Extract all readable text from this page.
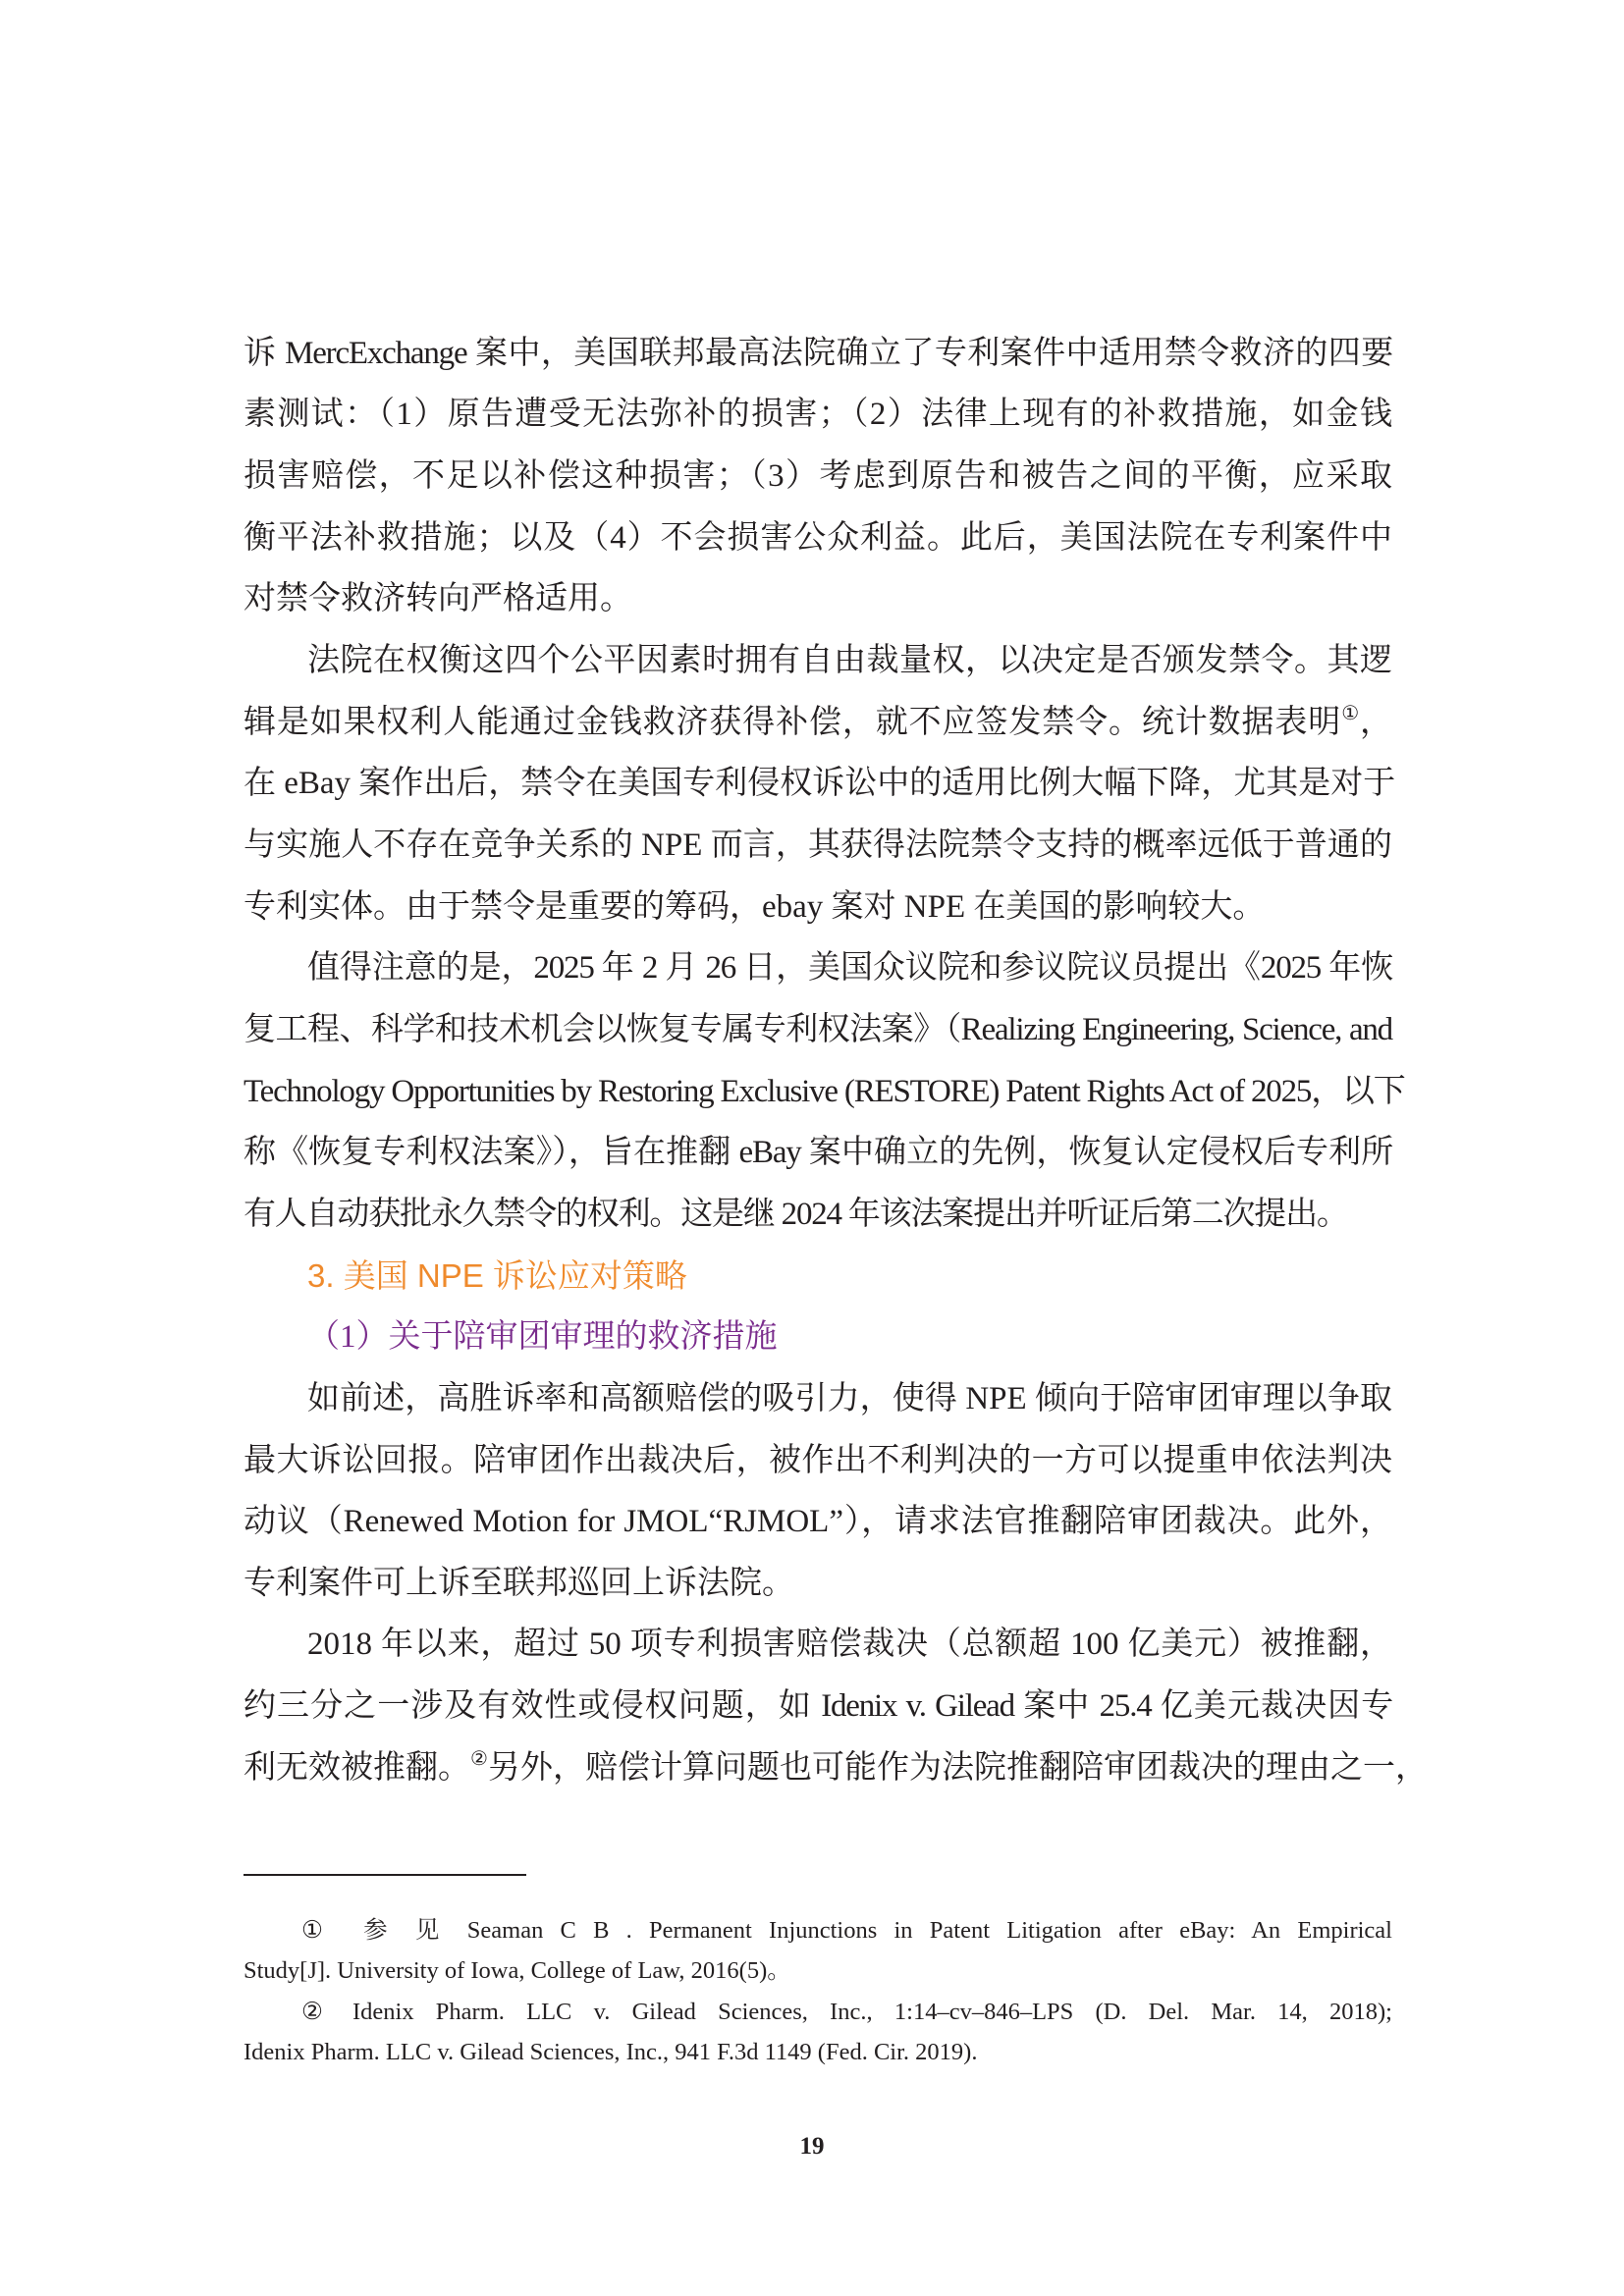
诉 MercExchange 案中，美国联邦最高法院确立了专利案件中适用禁令救济的四要
素测试：（1）原告遭受无法弥补的损害；（2）法律上现有的补救措施，如金钱
损害赔偿，不足以补偿这种损害；（3）考虑到原告和被告之间的平衡，应采取
衡平法补救措施；以及（4）不会损害公众利益。此后，美国法院在专利案件中
对禁令救济转向严格适用。
法院在权衡这四个公平因素时拥有自由裁量权，以决定是否颁发禁令。其逻
辑是如果权利人能通过金钱救济获得补偿，就不应签发禁令。统计数据表明①，
在 eBay 案作出后，禁令在美国专利侵权诉讼中的适用比例大幅下降，尤其是对于
与实施人不存在竞争关系的 NPE 而言，其获得法院禁令支持的概率远低于普通的
专利实体。由于禁令是重要的筹码，ebay 案对 NPE 在美国的影响较大。
值得注意的是，2025 年 2 月 26 日，美国众议院和参议院议员提出《2025 年恢
复工程、科学和技术机会以恢复专属专利权法案》（Realizing Engineering, Science, and
Technology Opportunities by Restoring Exclusive (RESTORE) Patent Rights Act of 2025，以下
称《恢复专利权法案》），旨在推翻 eBay 案中确立的先例，恢复认定侵权后专利所
有人自动获批永久禁令的权利。这是继 2024 年该法案提出并听证后第二次提出。
3. 美国 NPE 诉讼应对策略
（1）关于陪审团审理的救济措施
如前述，高胜诉率和高额赔偿的吸引力，使得 NPE 倾向于陪审团审理以争取
最大诉讼回报。陪审团作出裁决后，被作出不利判决的一方可以提重申依法判决
动议（Renewed Motion for JMOL“RJMOL”），请求法官推翻陪审团裁决。此外，
专利案件可上诉至联邦巡回上诉法院。
2018 年以来，超过 50 项专利损害赔偿裁决（总额超 100 亿美元）被推翻，
约三分之一涉及有效性或侵权问题，如 Idenix v. Gilead 案中 25.4 亿美元裁决因专
利无效被推翻。②另外，赔偿计算问题也可能作为法院推翻陪审团裁决的理由之一，
① 参 见 Seaman C B . Permanent Injunctions in Patent Litigation after eBay: An Empirical
Study[J]. University of Iowa, College of Law, 2016(5)。
② Idenix Pharm. LLC v. Gilead Sciences, Inc., 1:14–cv–846–LPS (D. Del. Mar. 14, 2018);
Idenix Pharm. LLC v. Gilead Sciences, Inc., 941 F.3d 1149 (Fed. Cir. 2019).
19
